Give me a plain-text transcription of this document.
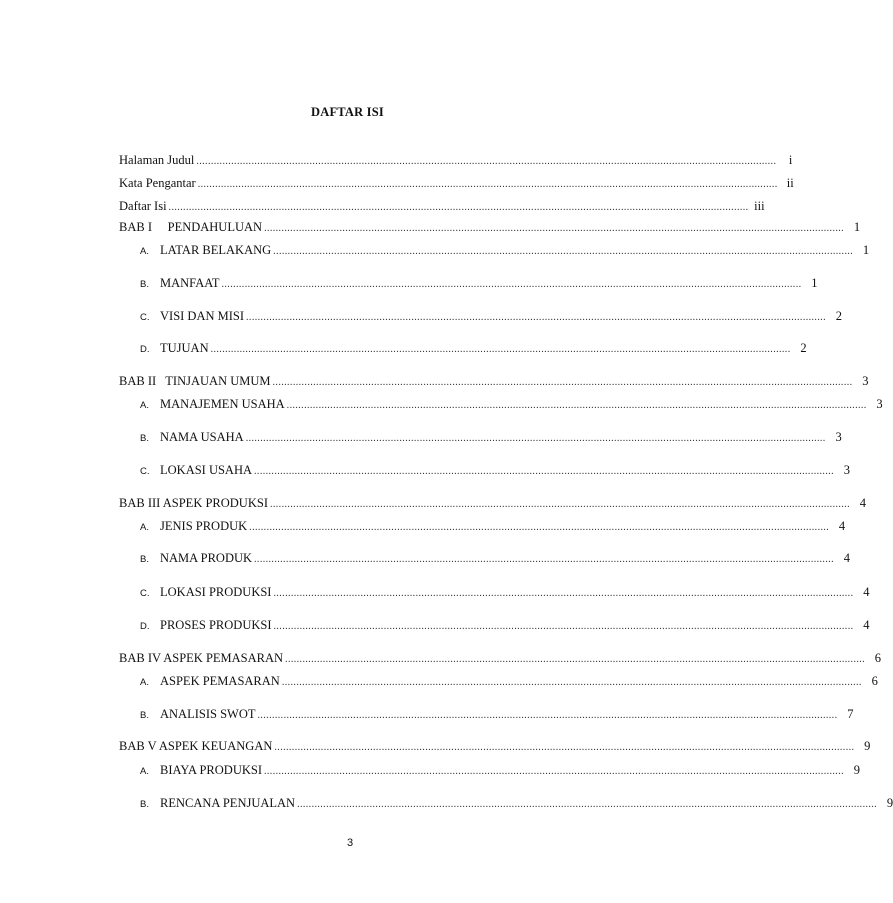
DAFTAR ISI
Halaman Judul ........................................................................................................................................................................................................	i
Kata Pengantar ........................................................................................................................................................................................................ ii
Daftar Isi ........................................................................................................................................................................................................ iii
BAB I     PENDAHULUAN ........................................................................................................................................................................................................ 1
A. LATAR BELAKANG ........................................................................................................................................................................................................ 1
B. MANFAAT ........................................................................................................................................................................................................ 1
C. VISI DAN MISI ........................................................................................................................................................................................................ 2
D. TUJUAN ........................................................................................................................................................................................................ 2
BAB II   TINJAUAN UMUM ........................................................................................................................................................................................................ 3
A. MANAJEMEN USAHA ........................................................................................................................................................................................................ 3
B. NAMA USAHA ........................................................................................................................................................................................................ 3
C. LOKASI USAHA ........................................................................................................................................................................................................ 3
BAB III ASPEK PRODUKSI ........................................................................................................................................................................................................ 4
A. JENIS PRODUK ........................................................................................................................................................................................................ 4
B. NAMA PRODUK ........................................................................................................................................................................................................ 4
C. LOKASI PRODUKSI ........................................................................................................................................................................................................ 4
D. PROSES PRODUKSI ........................................................................................................................................................................................................ 4
BAB IV ASPEK PEMASARAN ........................................................................................................................................................................................................ 6
A. ASPEK PEMASARAN ........................................................................................................................................................................................................ 6
B. ANALISIS SWOT ........................................................................................................................................................................................................ 7
BAB V ASPEK KEUANGAN ........................................................................................................................................................................................................ 9
A. BIAYA PRODUKSI ........................................................................................................................................................................................................ 9
B. RENCANA PENJUALAN ........................................................................................................................................................................................................ 9
3
